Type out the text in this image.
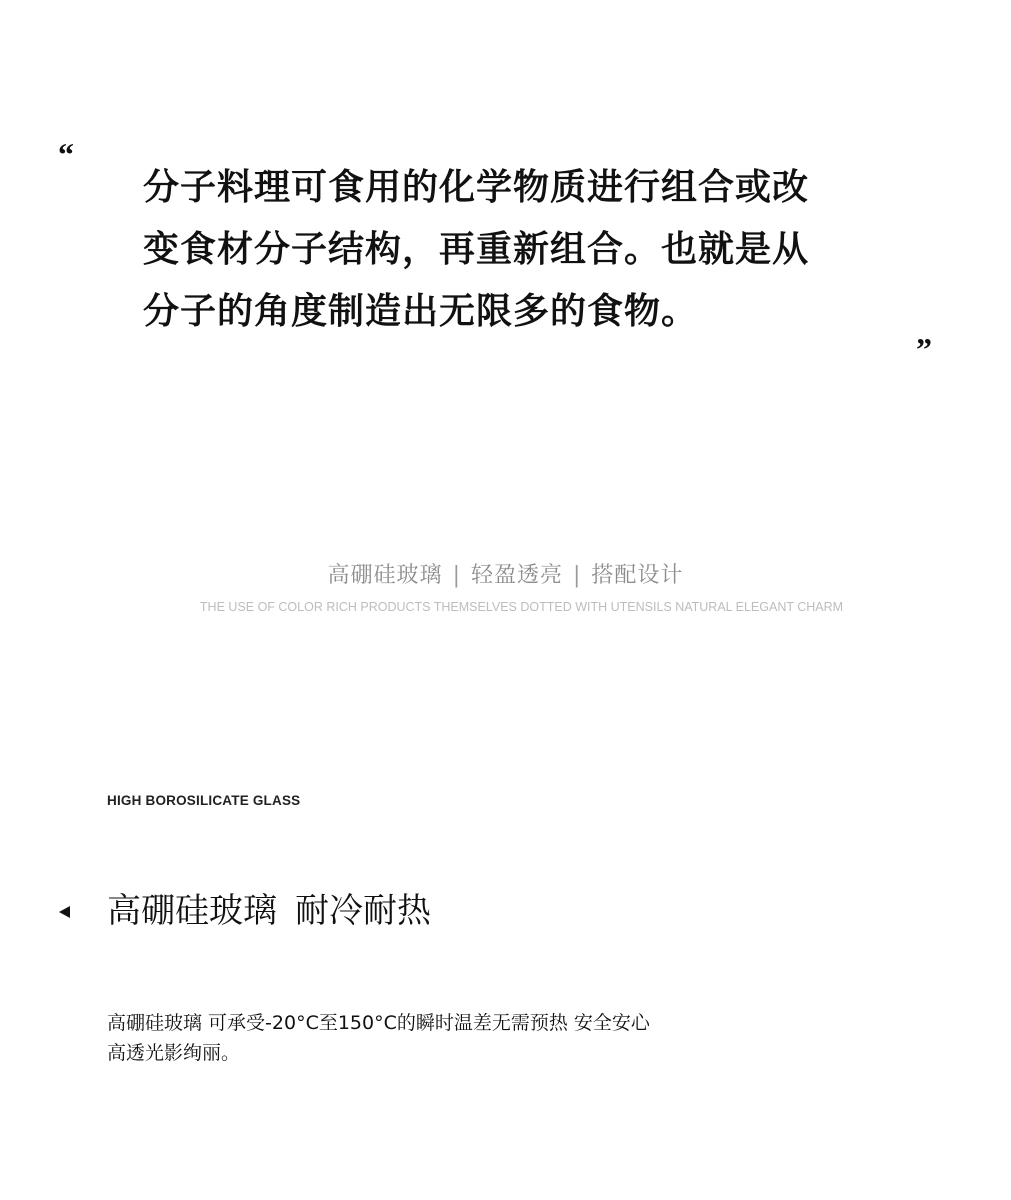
“

分子料理可食用的化学物质进行组合或改
变食材分子结构，再重新组合。也就是从
分子的角度制造出无限多的食物。

”
高硼硅玻璃 | 轻盈透亮 | 搭配设计
THE USE OF COLOR RICH PRODUCTS THEMSELVES DOTTED WITH UTENSILS NATURAL ELEGANT CHARM
HIGH BOROSILICATE GLASS
高硼硅玻璃 耐冷耐热

高硼硅玻璃 可承受-20°C至150°C的瞬时温差无需预热 安全安心
高透光影绚丽。
